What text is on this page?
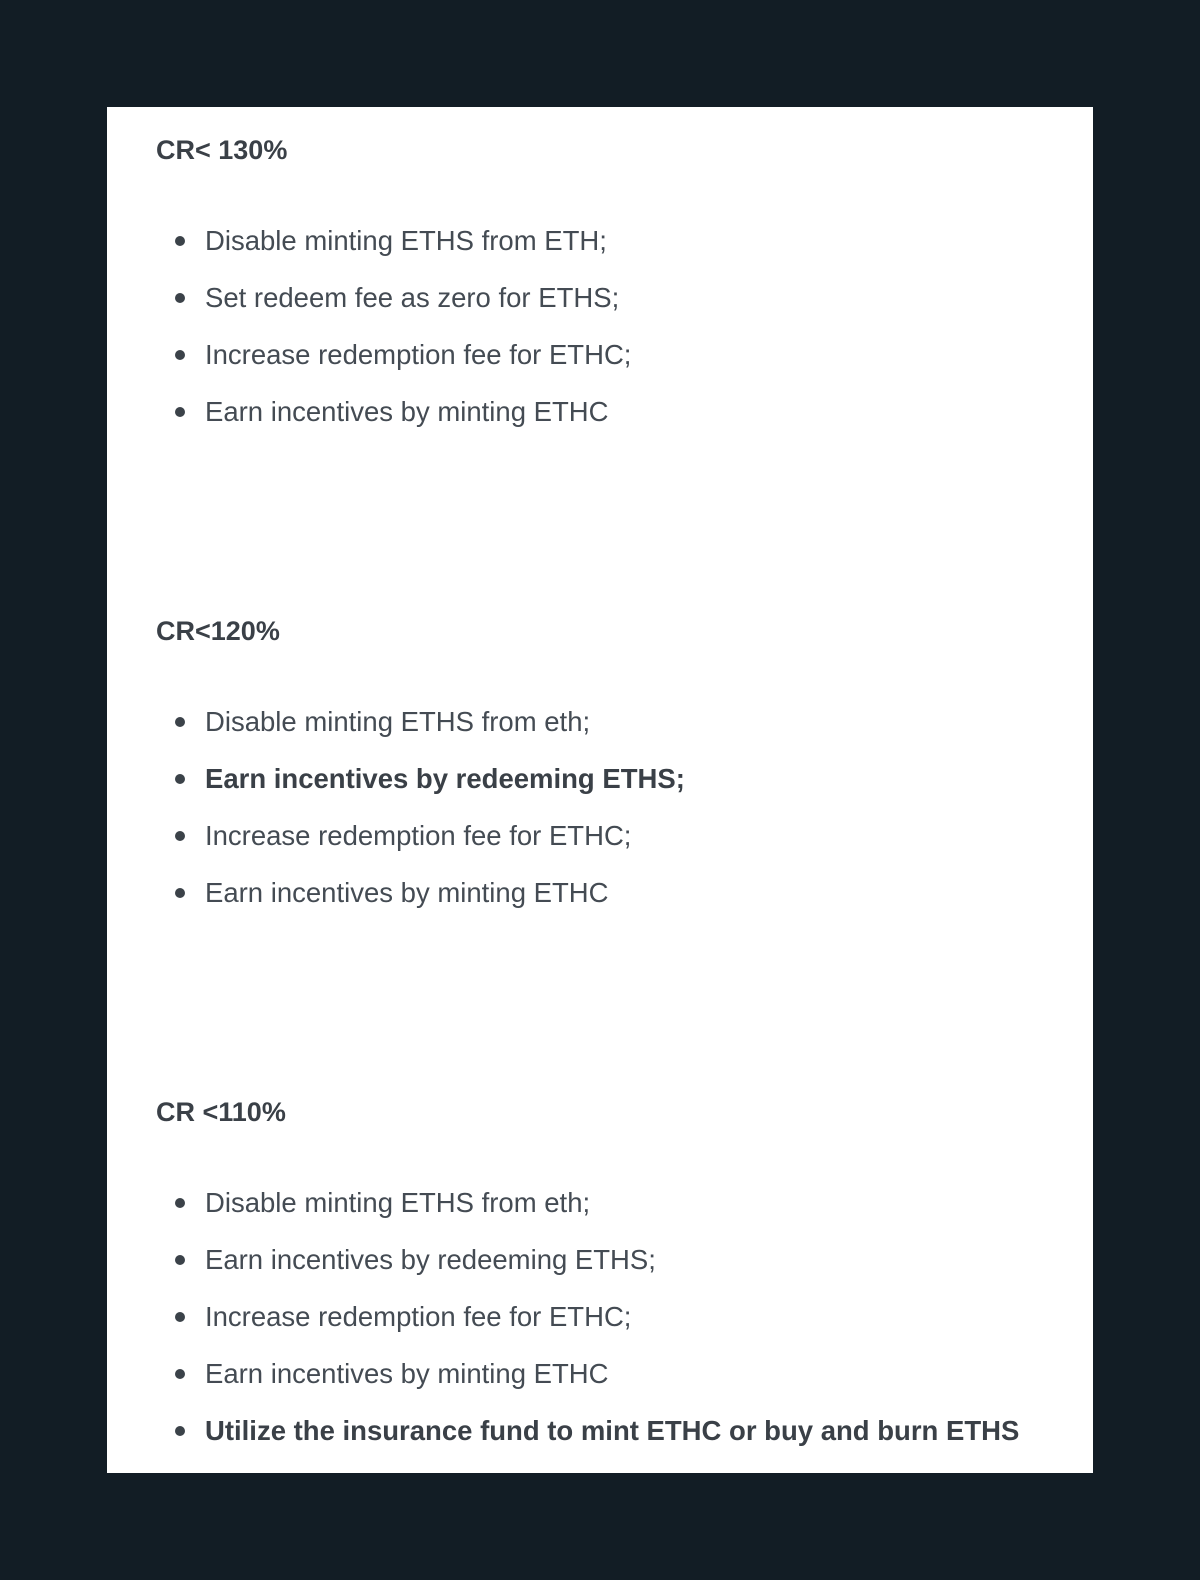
CR< 130%
Disable minting ETHS from ETH;
Set redeem fee as zero for ETHS;
Increase redemption fee for ETHC;
Earn incentives by minting ETHC
CR<120%
Disable minting ETHS from eth;
Earn incentives by redeeming ETHS;
Increase redemption fee for ETHC;
Earn incentives by minting ETHC
CR <110%
Disable minting ETHS from eth;
Earn incentives by redeeming ETHS;
Increase redemption fee for ETHC;
Earn incentives by minting ETHC
Utilize the insurance fund to mint ETHC or buy and burn ETHS
